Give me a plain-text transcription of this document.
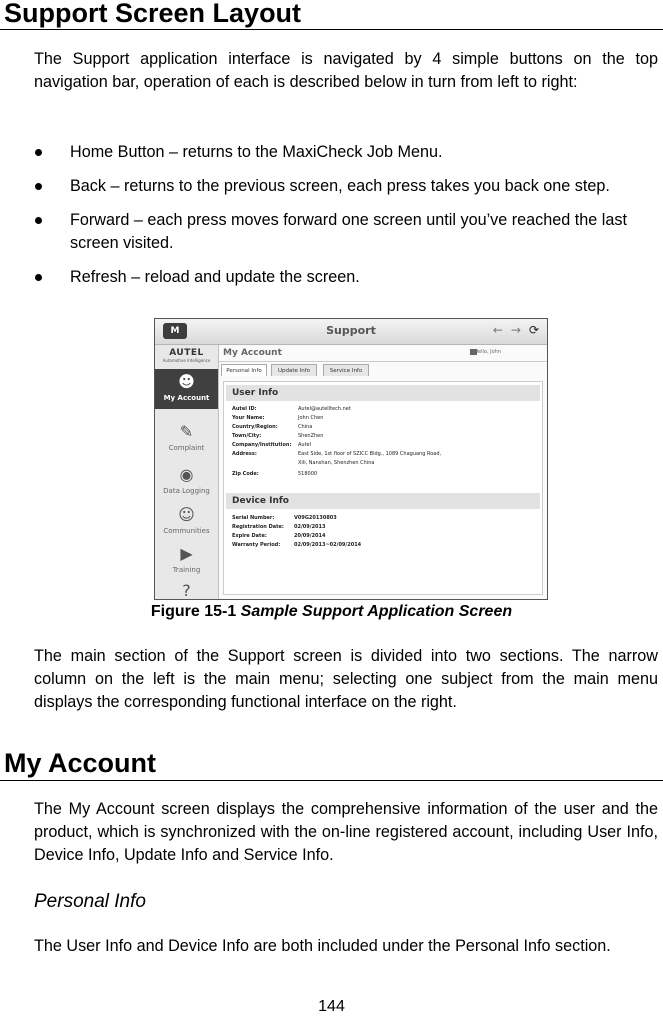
Support Screen Layout

The Support application interface is navigated by 4 simple buttons on the top navigation bar, operation of each is described below in turn from left to right:

Home Button – returns to the MaxiCheck Job Menu.
Back – returns to the previous screen, each press takes you back one step.
Forward – each press moves forward one screen until you’ve reached the last screen visited.
Refresh – reload and update the screen.
M	Support	←→⟳
AUTEL
Automotive Intelligence
☻
My Account
✎
Complaint
◉
Data Logging
☺
Communities
▶
Training
?
My Account	Hello, John
Personal Info	Update Info	Service Info
User Info
Autel ID:	Autel@autelltech.net
Your Name:	John Chen
Country/Region:	China
Town/City:	ShenZhen
Company/Institution: Autel
Address:	East Side, 1st floor of SZICC Bldg., 1089 Chaguang Road,
Xili, Nanshan, Shenzhen China
Zip Code:	518000
Device Info
Serial Number:	V09G20130803
Registration Date: 02/09/2013
Expire Date:	20/09/2014
Warranty Period:	02/09/2013~02/09/2014
Figure 15-1 Sample Support Application Screen

The main section of the Support screen is divided into two sections. The narrow column on the left is the main menu; selecting one subject from the main menu displays the corresponding functional interface on the right.

My Account

The My Account screen displays the comprehensive information of the user and the product, which is synchronized with the on-line registered account, including User Info, Device Info, Update Info and Service Info.

Personal Info

The User Info and Device Info are both included under the Personal Info section.

144
